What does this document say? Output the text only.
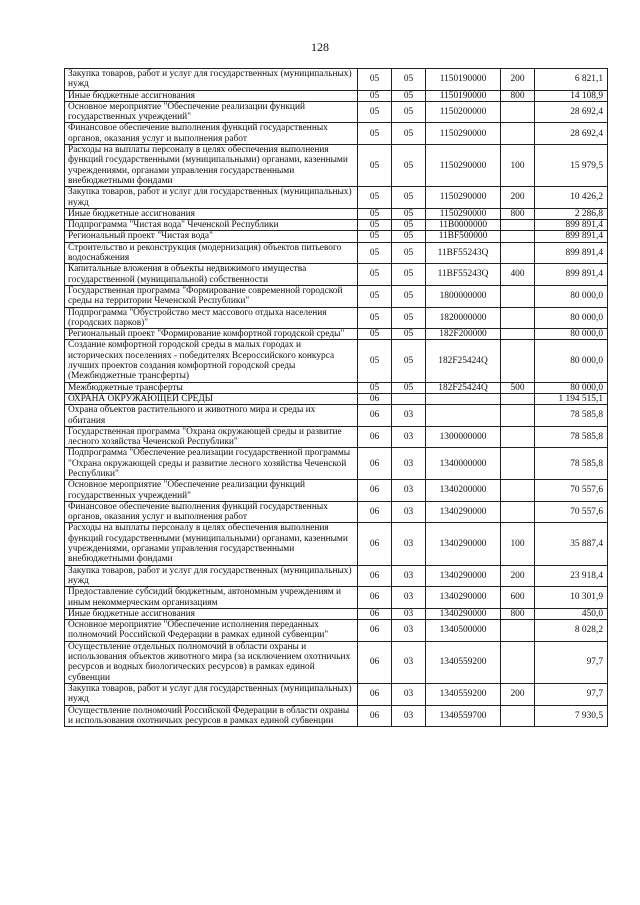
128
Закупка товаров, работ и услуг для государственных (муниципальных) нужд	05	05	1150190000	200	6 821,1
Иные бюджетные ассигнования	05	05	1150190000	800	14 108,9
Основное мероприятие "Обеспечение реализации функций государственных учреждений"	05	05	1150200000		28 692,4
Финансовое обеспечение выполнения функций государственных органов, оказания услуг и выполнения работ	05	05	1150290000		28 692,4
Расходы на выплаты персоналу в целях обеспечения выполнения функций государственными (муниципальными) органами, казенными учреждениями, органами управления государственными внебюджетными фондами	05	05	1150290000	100	15 979,5
Закупка товаров, работ и услуг для государственных (муниципальных) нужд	05	05	1150290000	200	10 426,2
Иные бюджетные ассигнования	05	05	1150290000	800	2 286,8
Подпрограмма "Чистая вода" Чеченской Республики	05	05	11B0000000		899 891,4
Региональный проект "Чистая вода"	05	05	11BF500000		899 891,4
Строительство и реконструкция (модернизация) объектов питьевого водоснабжения	05	05	11BF55243Q		899 891,4
Капитальные вложения в объекты недвижимого имущества государственной (муниципальной) собственности	05	05	11BF55243Q	400	899 891,4
Государственная программа "Формирование современной городской среды на территории Чеченской Республики"	05	05	1800000000		80 000,0
Подпрограмма "Обустройство мест массового отдыха населения (городских парков)"	05	05	1820000000		80 000,0
Региональный проект "Формирование комфортной городской среды"	05	05	182F200000		80 000,0
Создание комфортной городской среды в малых городах и исторических поселениях - победителях Всероссийского конкурса лучших проектов создания комфортной городской среды (Межбюджетные трансферты)	05	05	182F25424Q		80 000,0
Межбюджетные трансферты	05	05	182F25424Q	500	80 000,0
ОХРАНА ОКРУЖАЮЩЕЙ СРЕДЫ	06				1 194 515,1
Охрана объектов растительного и животного мира и среды их обитания	06	03			78 585,8
Государственная программа "Охрана окружающей среды и развитие лесного хозяйства Чеченской Республики"	06	03	1300000000		78 585,8
Подпрограмма "Обеспечение реализации государственной программы "Охрана окружающей среды и развитие лесного хозяйства Чеченской Республики"	06	03	1340000000		78 585,8
Основное мероприятие "Обеспечение реализации функций государственных учреждений"	06	03	1340200000		70 557,6
Финансовое обеспечение выполнения функций государственных органов, оказания услуг и выполнения работ	06	03	1340290000		70 557,6
Расходы на выплаты персоналу в целях обеспечения выполнения функций государственными (муниципальными) органами, казенными учреждениями, органами управления государственными внебюджетными фондами	06	03	1340290000	100	35 887,4
Закупка товаров, работ и услуг для государственных (муниципальных) нужд	06	03	1340290000	200	23 918,4
Предоставление субсидий бюджетным, автономным учреждениям и иным некоммерческим организациям	06	03	1340290000	600	10 301,9
Иные бюджетные ассигнования	06	03	1340290000	800	450,0
Основное мероприятие "Обеспечение исполнения переданных полномочий Российской Федерации в рамках единой субвенции"	06	03	1340500000		8 028,2
Осуществление отдельных полномочий в области охраны и использования объектов животного мира (за исключением охотничьих ресурсов и водных биологических ресурсов) в рамках единой субвенции	06	03	1340559200		97,7
Закупка товаров, работ и услуг для государственных (муниципальных) нужд	06	03	1340559200	200	97,7
Осуществление полномочий Российской Федерации в области охраны и использования охотничьих ресурсов в рамках единой субвенции	06	03	1340559700		7 930,5
